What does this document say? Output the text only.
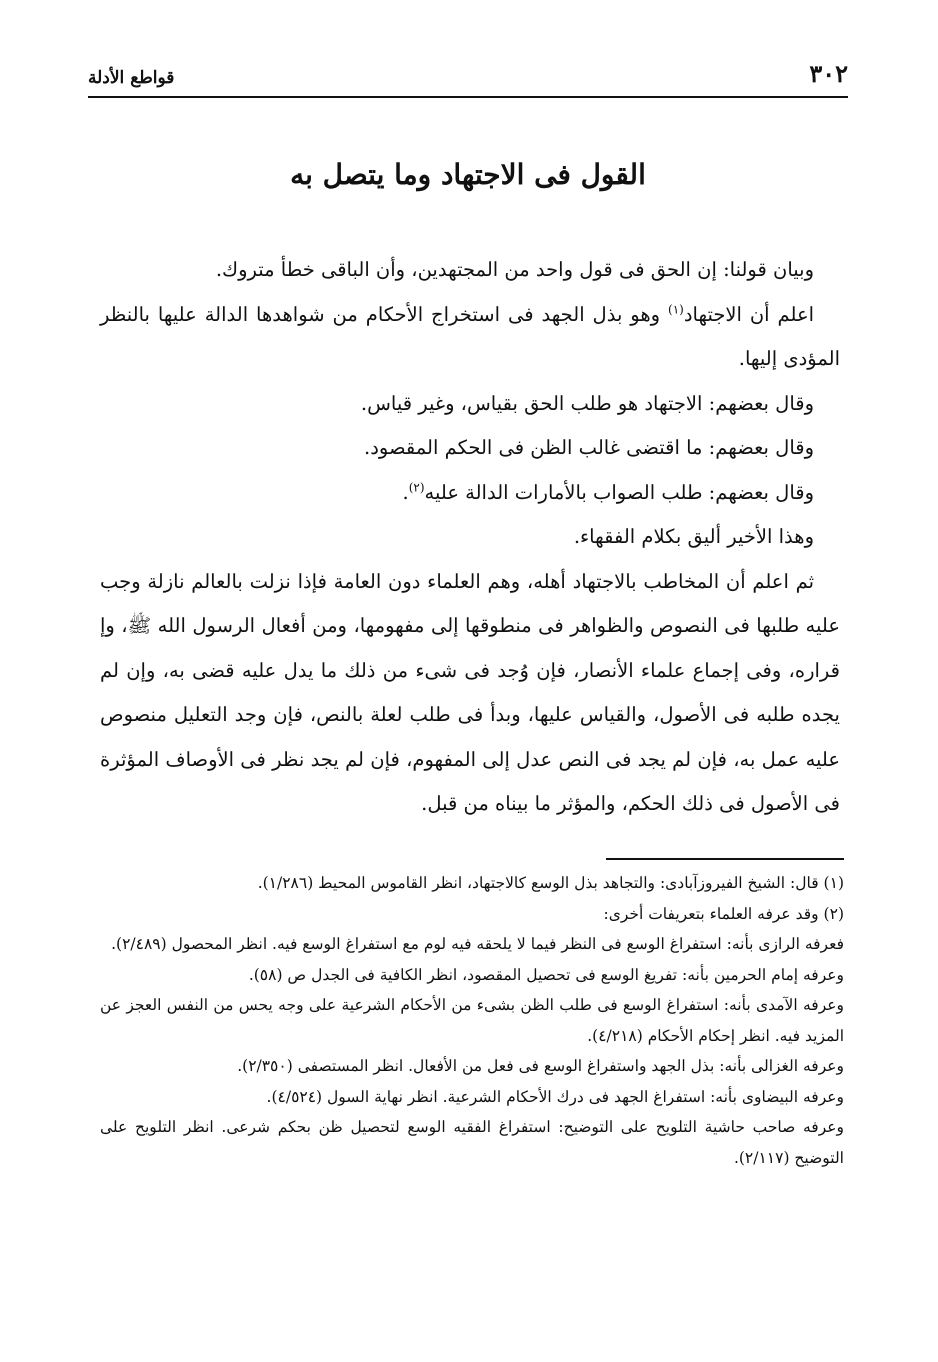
٣٠٢
قواطع الأدلة
القول فى الاجتهاد وما يتصل به

وبيان قولنا: إن الحق فى قول واحد من المجتهدين، وأن الباقى خطأ متروك.

اعلم أن الاجتهاد$^{(١)}$ وهو بذل الجهد فى استخراج الأحكام من شواهدها الدالة عليها بالنظر المؤدى إليها.

وقال بعضهم: الاجتهاد هو طلب الحق بقياس، وغير قياس.

وقال بعضهم: ما اقتضى غالب الظن فى الحكم المقصود.

وقال بعضهم: طلب الصواب بالأمارات الدالة عليه$^{(٢)}$.

وهذا الأخير أليق بكلام الفقهاء.

ثم اعلم أن المخاطب بالاجتهاد أهله، وهم العلماء دون العامة فإذا نزلت بالعالم نازلة وجب عليه طلبها فى النصوص والظواهر فى منطوقها إلى مفهومها، ومن أفعال الرسول الله ﷺ، وإ قراره، وفى إجماع علماء الأنصار، فإن وُجد فى شىء من ذلك ما يدل عليه قضى به، وإن لم يجده طلبه فى الأصول، والقياس عليها، وبدأ فى طلب لعلة بالنص، فإن وجد التعليل منصوص عليه عمل به، فإن لم يجد فى النص عدل إلى المفهوم، فإن لم يجد نظر فى الأوصاف المؤثرة فى الأصول فى ذلك الحكم، والمؤثر ما بيناه من قبل.

(١) قال: الشيخ الفيروزآبادى: والتجاهد بذل الوسع كالاجتهاد، انظر القاموس المحيط (١/٢٨٦).

(٢) وقد عرفه العلماء بتعريفات أخرى:

فعرفه الرازى بأنه: استفراغ الوسع فى النظر فيما لا يلحقه فيه لوم مع استفراغ الوسع فيه. انظر المحصول (٢/٤٨٩).

وعرفه إمام الحرمين بأنه: تفريغ الوسع فى تحصيل المقصود، انظر الكافية فى الجدل ص (٥٨).

وعرفه الآمدى بأنه: استفراغ الوسع فى طلب الظن بشىء من الأحكام الشرعية على وجه يحس من النفس العجز عن المزيد فيه. انظر إحكام الأحكام (٤/٢١٨).

وعرفه الغزالى بأنه: بذل الجهد واستفراغ الوسع فى فعل من الأفعال. انظر المستصفى (٢/٣٥٠).

وعرفه البيضاوى بأنه: استفراغ الجهد فى درك الأحكام الشرعية. انظر نهاية السول (٤/٥٢٤).

وعرفه صاحب حاشية التلويح على التوضيح: استفراغ الفقيه الوسع لتحصيل ظن بحكم شرعى. انظر التلويح على التوضيح (٢/١١٧).
